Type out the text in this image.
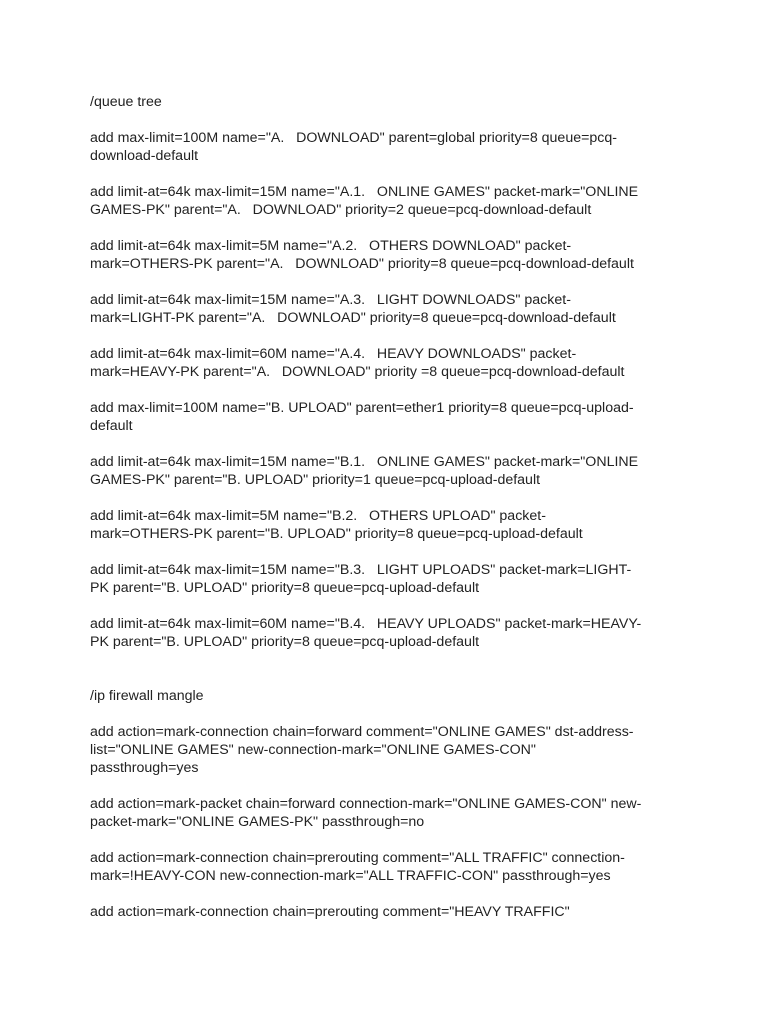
/queue tree
add max-limit=100M name="A.   DOWNLOAD" parent=global priority=8 queue=pcq-
download-default
add limit-at=64k max-limit=15M name="A.1.   ONLINE GAMES" packet-mark="ONLINE
GAMES-PK" parent="A.   DOWNLOAD" priority=2 queue=pcq-download-default
add limit-at=64k max-limit=5M name="A.2.   OTHERS DOWNLOAD" packet-
mark=OTHERS-PK parent="A.   DOWNLOAD" priority=8 queue=pcq-download-default
add limit-at=64k max-limit=15M name="A.3.   LIGHT DOWNLOADS" packet-
mark=LIGHT-PK parent="A.   DOWNLOAD" priority=8 queue=pcq-download-default
add limit-at=64k max-limit=60M name="A.4.   HEAVY DOWNLOADS" packet-
mark=HEAVY-PK parent="A.   DOWNLOAD" priority =8 queue=pcq-download-default
add max-limit=100M name="B. UPLOAD" parent=ether1 priority=8 queue=pcq-upload-
default
add limit-at=64k max-limit=15M name="B.1.   ONLINE GAMES" packet-mark="ONLINE
GAMES-PK" parent="B. UPLOAD" priority=1 queue=pcq-upload-default
add limit-at=64k max-limit=5M name="B.2.   OTHERS UPLOAD" packet-
mark=OTHERS-PK parent="B. UPLOAD" priority=8 queue=pcq-upload-default
add limit-at=64k max-limit=15M name="B.3.   LIGHT UPLOADS" packet-mark=LIGHT-
PK parent="B. UPLOAD" priority=8 queue=pcq-upload-default
add limit-at=64k max-limit=60M name="B.4.   HEAVY UPLOADS" packet-mark=HEAVY-
PK parent="B. UPLOAD" priority=8 queue=pcq-upload-default
/ip firewall mangle
add action=mark-connection chain=forward comment="ONLINE GAMES" dst-address-
list="ONLINE GAMES" new-connection-mark="ONLINE GAMES-CON"
passthrough=yes
add action=mark-packet chain=forward connection-mark="ONLINE GAMES-CON" new-
packet-mark="ONLINE GAMES-PK" passthrough=no
add action=mark-connection chain=prerouting comment="ALL TRAFFIC" connection-
mark=!HEAVY-CON new-connection-mark="ALL TRAFFIC-CON" passthrough=yes
add action=mark-connection chain=prerouting comment="HEAVY TRAFFIC"
